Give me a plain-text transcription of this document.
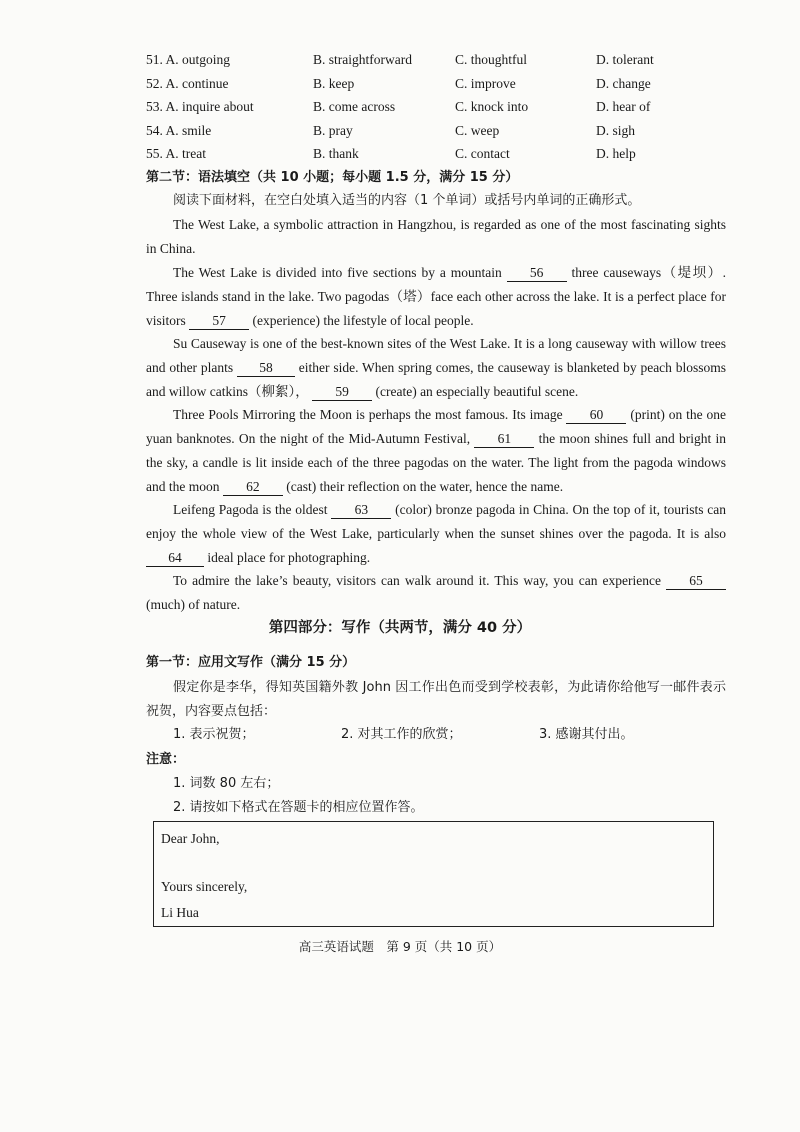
51. A. outgoing	B. straightforward	C. thoughtful	D. tolerant
52. A. continue	B. keep	C. improve	D. change
53. A. inquire about	B. come across	C. knock into	D. hear of
54. A. smile	B. pray	C. weep	D. sigh
55. A. treat	B. thank	C. contact	D. help
第二节：语法填空（共 10 小题；每小题 1.5 分，满分 15 分）

阅读下面材料，在空白处填入适当的内容（1 个单词）或括号内单词的正确形式。

The West Lake, a symbolic attraction in Hangzhou, is regarded as one of the most fascinating sights in China.

The West Lake is divided into five sections by a mountain 56 three causeways（堤坝）. Three islands stand in the lake. Two pagodas（塔）face each other across the lake. It is a perfect place for visitors 57 (experience) the lifestyle of local people.

Su Causeway is one of the best-known sites of the West Lake. It is a long causeway with willow trees and other plants 58 either side. When spring comes, the causeway is blanketed by peach blossoms and willow catkins（柳絮）， 59 (create) an especially beautiful scene.

Three Pools Mirroring the Moon is perhaps the most famous. Its image 60 (print) on the one yuan banknotes. On the night of the Mid-Autumn Festival, 61 the moon shines full and bright in the sky, a candle is lit inside each of the three pagodas on the water. The light from the pagoda windows and the moon 62 (cast) their reflection on the water, hence the name.

Leifeng Pagoda is the oldest 63 (color) bronze pagoda in China. On the top of it, tourists can enjoy the whole view of the West Lake, particularly when the sunset shines over the pagoda. It is also 64 ideal place for photographing.

To admire the lake’s beauty, visitors can walk around it. This way, you can experience 65 (much) of nature.

第四部分：写作（共两节，满分 40 分）
第一节：应用文写作（满分 15 分）

假定你是李华，得知英国籍外教 John 因工作出色而受到学校表彰，为此请你给他写一邮件表示祝贺，内容要点包括：

1. 表示祝贺；	2. 对其工作的欣赏；	3. 感谢其付出。
注意：
1. 词数 80 左右；
2. 请按如下格式在答题卡的相应位置作答。
Dear John,
Yours sincerely,
Li Hua
高三英语试题　第 9 页（共 10 页）
